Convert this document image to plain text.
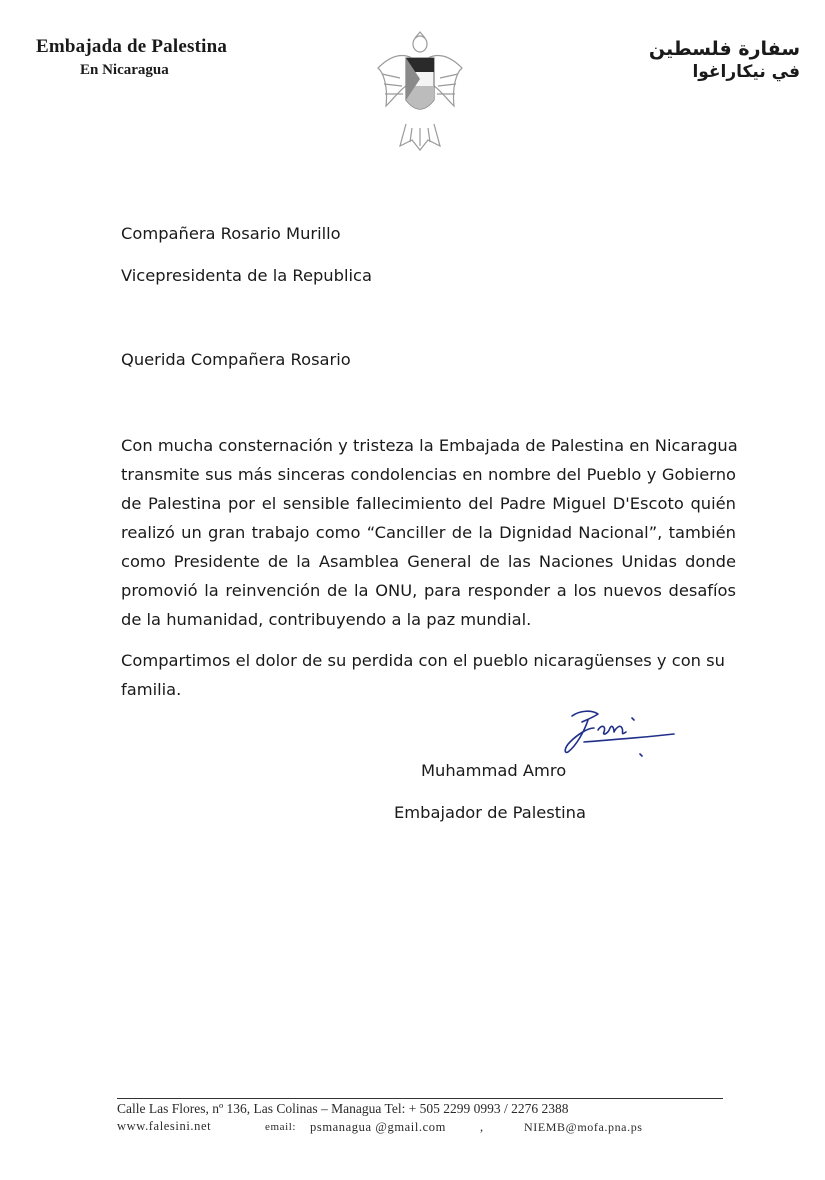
Embajada de Palestina
En Nicaragua
سفارة فلسطين
في نيكاراغوا
Compañera Rosario Murillo
Vicepresidenta de la Republica
Querida Compañera Rosario
Con mucha consternación y tristeza la Embajada de Palestina en Nicaragua
transmite sus más sinceras condolencias en nombre del Pueblo y Gobierno
de Palestina por el sensible fallecimiento del Padre Miguel D'Escoto quién
realizó un gran trabajo como “Canciller de la Dignidad Nacional”, también
como Presidente de la Asamblea General de las Naciones Unidas donde
promovió la reinvención de la ONU, para responder a los nuevos desafíos
de la humanidad, contribuyendo a la paz mundial.
Compartimos el dolor de su perdida con el pueblo nicaragüenses y con su
familia.
Muhammad Amro
Embajador de Palestina
Calle Las Flores, nº 136, Las Colinas – Managua Tel: + 505 2299 0993 / 2276 2388
www.falesini.net	email: psmanagua @gmail.com	,	NIEMB@mofa.pna.ps
